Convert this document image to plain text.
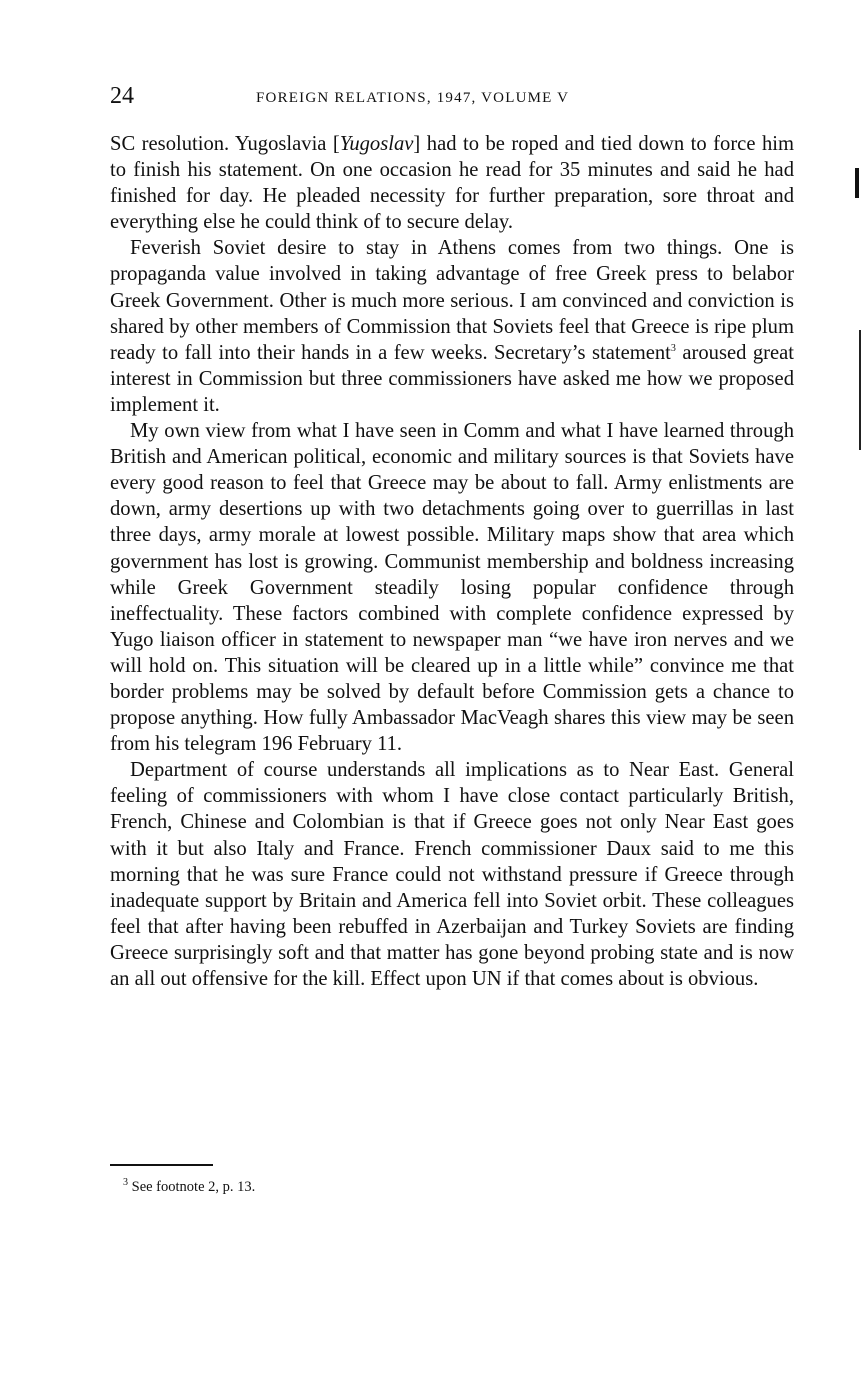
24	FOREIGN RELATIONS, 1947, VOLUME V

SC resolution. Yugoslavia [Yugoslav] had to be roped and tied down to force him to finish his statement. On one occasion he read for 35 minutes and said he had finished for day. He pleaded necessity for further preparation, sore throat and everything else he could think of to secure delay.

Feverish Soviet desire to stay in Athens comes from two things. One is propaganda value involved in taking advantage of free Greek press to belabor Greek Government. Other is much more serious. I am convinced and conviction is shared by other members of Commission that Soviets feel that Greece is ripe plum ready to fall into their hands in a few weeks. Secretary’s statement$^3$ aroused great interest in Commission but three commissioners have asked me how we proposed implement it.

My own view from what I have seen in Comm and what I have learned through British and American political, economic and military sources is that Soviets have every good reason to feel that Greece may be about to fall. Army enlistments are down, army desertions up with two detachments going over to guerrillas in last three days, army morale at lowest possible. Military maps show that area which government has lost is growing. Communist membership and boldness increasing while Greek Government steadily losing popular confidence through ineffectuality. These factors combined with complete confidence expressed by Yugo liaison officer in statement to newspaper man “we have iron nerves and we will hold on. This situation will be cleared up in a little while” convince me that border problems may be solved by default before Commission gets a chance to propose anything. How fully Ambassador MacVeagh shares this view may be seen from his telegram 196 February 11.

Department of course understands all implications as to Near East. General feeling of commissioners with whom I have close contact particularly British, French, Chinese and Colombian is that if Greece goes not only Near East goes with it but also Italy and France. French commissioner Daux said to me this morning that he was sure France could not withstand pressure if Greece through inadequate support by Britain and America fell into Soviet orbit. These colleagues feel that after having been rebuffed in Azerbaijan and Turkey Soviets are finding Greece surprisingly soft and that matter has gone beyond probing state and is now an all out offensive for the kill. Effect upon UN if that comes about is obvious.

$^3$ See footnote 2, p. 13.
